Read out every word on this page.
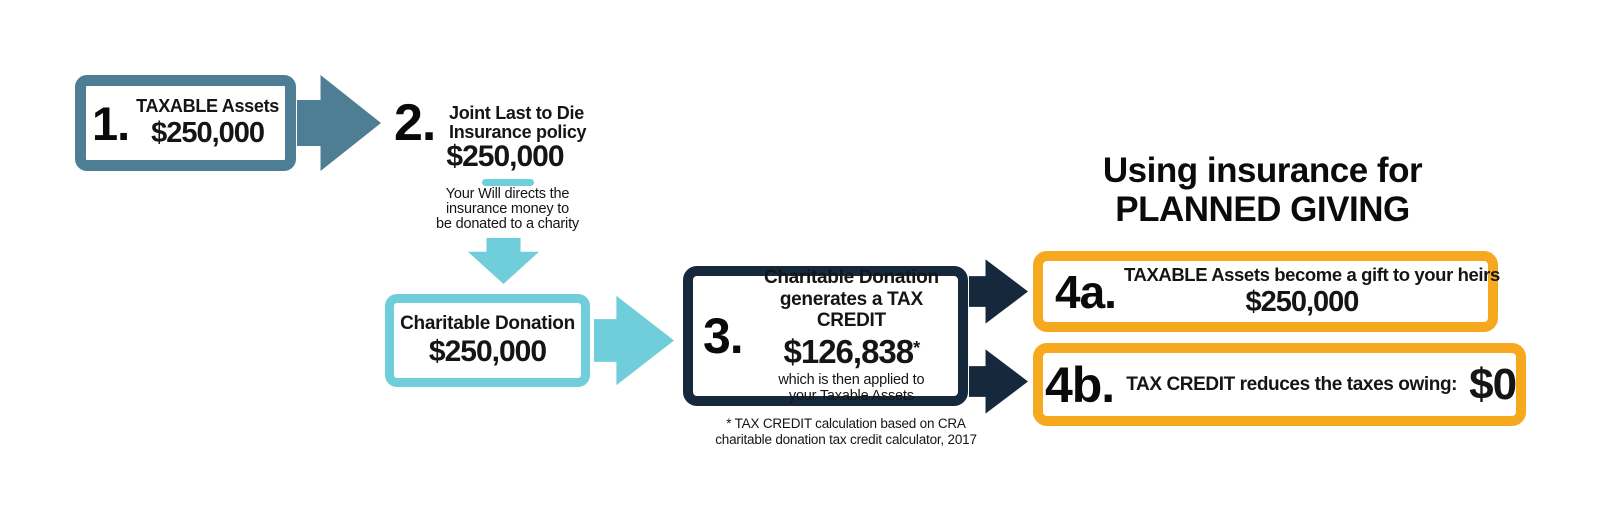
1. TAXABLE Assets
$250,000 2. Joint Last to Die
Insurance policy
$250,000
Your Will directs the
insurance money to
be donated to a charity
Charitable Donation
$250,000	3.
Charitable Donation
generates a TAX CREDIT
$126,838*
which is then applied to
your Taxable Assets
* TAX CREDIT calculation based on CRA
charitable donation tax credit calculator, 2017
Using insurance for
PLANNED GIVING
4a. TAXABLE Assets become a gift to your heirs
$250,000
4b. TAX CREDIT reduces the taxes owing: $0
